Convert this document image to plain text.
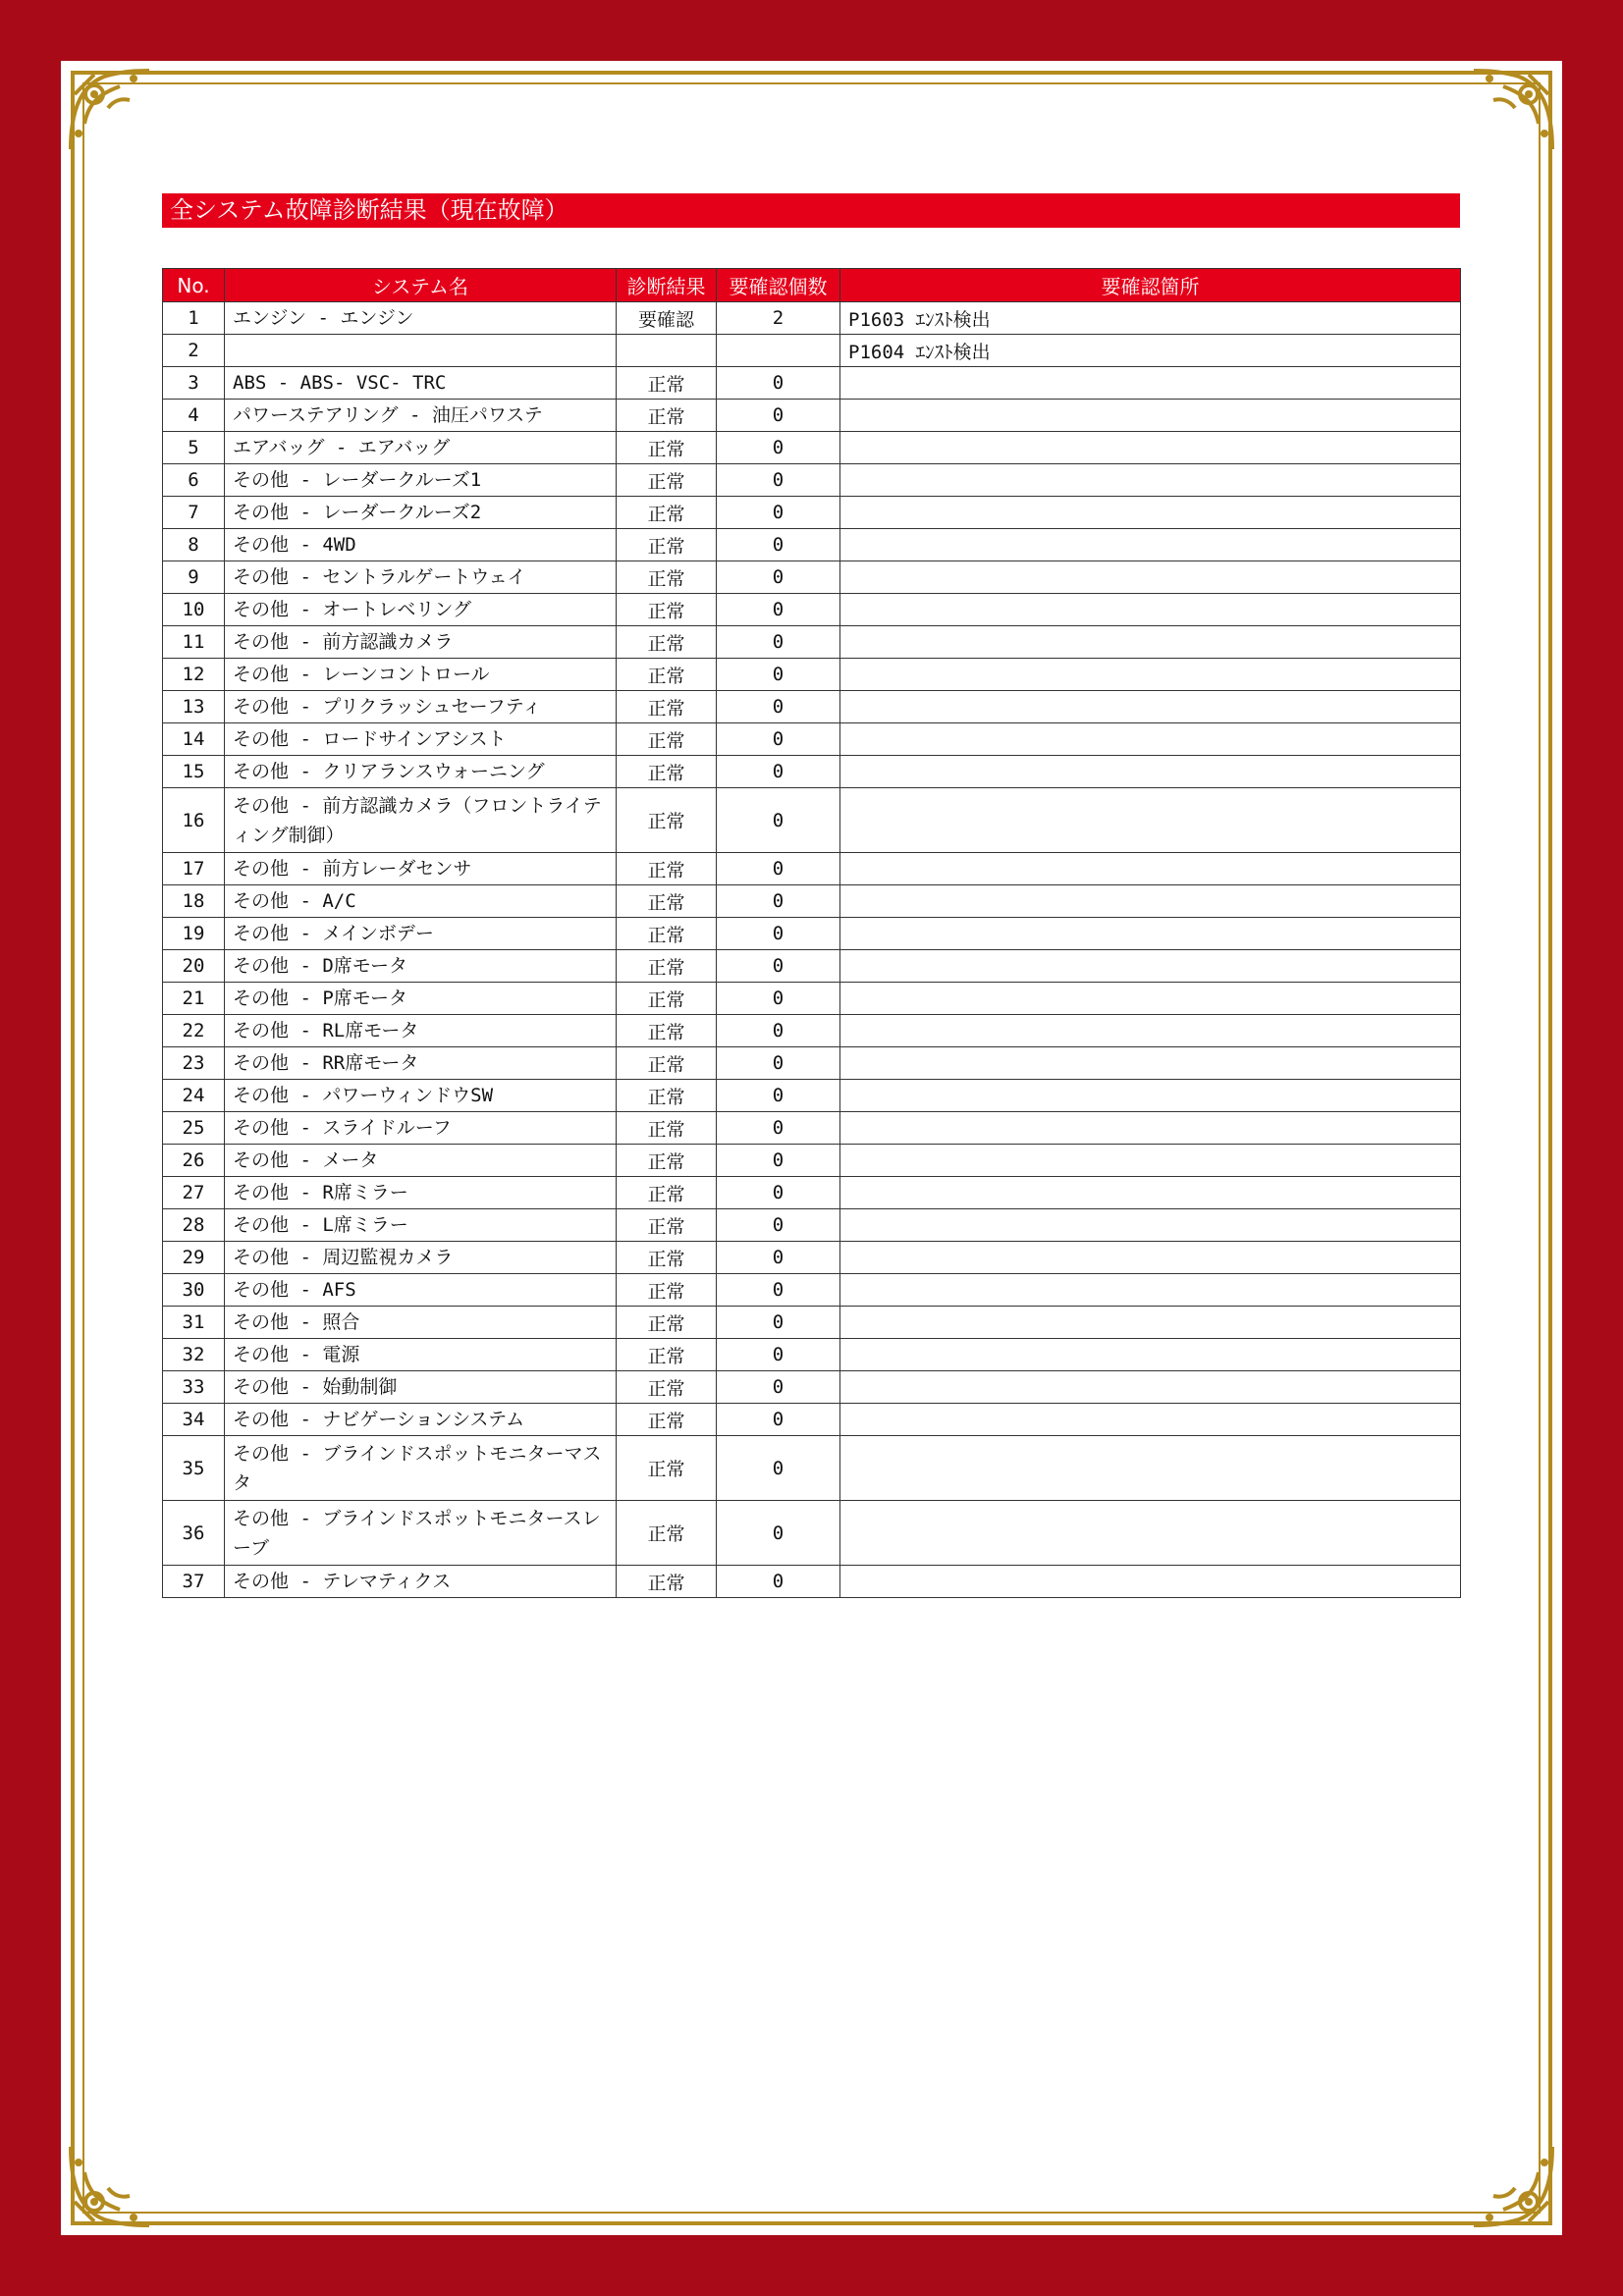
全システム故障診断結果（現在故障）
No.	システム名	診断結果	要確認個数	要確認箇所
1	エンジン - エンジン	要確認	2	P1603 ｴﾝｽﾄ検出
2				P1604 ｴﾝｽﾄ検出
3	ABS - ABS- VSC- TRC	正常	0	
4	パワーステアリング - 油圧パワステ	正常	0	
5	エアバッグ - エアバッグ	正常	0	
6	その他 - レーダークルーズ1	正常	0	
7	その他 - レーダークルーズ2	正常	0	
8	その他 - 4WD	正常	0	
9	その他 - セントラルゲートウェイ	正常	0	
10	その他 - オートレベリング	正常	0	
11	その他 - 前方認識カメラ	正常	0	
12	その他 - レーンコントロール	正常	0	
13	その他 - プリクラッシュセーフティ	正常	0	
14	その他 - ロードサインアシスト	正常	0	
15	その他 - クリアランスウォーニング	正常	0	
16	その他 - 前方認識カメラ（フロントライティング制御）	正常	0	
17	その他 - 前方レーダセンサ	正常	0	
18	その他 - A/C	正常	0	
19	その他 - メインボデー	正常	0	
20	その他 - D席モータ	正常	0	
21	その他 - P席モータ	正常	0	
22	その他 - RL席モータ	正常	0	
23	その他 - RR席モータ	正常	0	
24	その他 - パワーウィンドウSW	正常	0	
25	その他 - スライドルーフ	正常	0	
26	その他 - メータ	正常	0	
27	その他 - R席ミラー	正常	0	
28	その他 - L席ミラー	正常	0	
29	その他 - 周辺監視カメラ	正常	0	
30	その他 - AFS	正常	0	
31	その他 - 照合	正常	0	
32	その他 - 電源	正常	0	
33	その他 - 始動制御	正常	0	
34	その他 - ナビゲーションシステム	正常	0	
35	その他 - ブラインドスポットモニターマスタ	正常	0	
36	その他 - ブラインドスポットモニタースレーブ	正常	0	
37	その他 - テレマティクス	正常	0	
